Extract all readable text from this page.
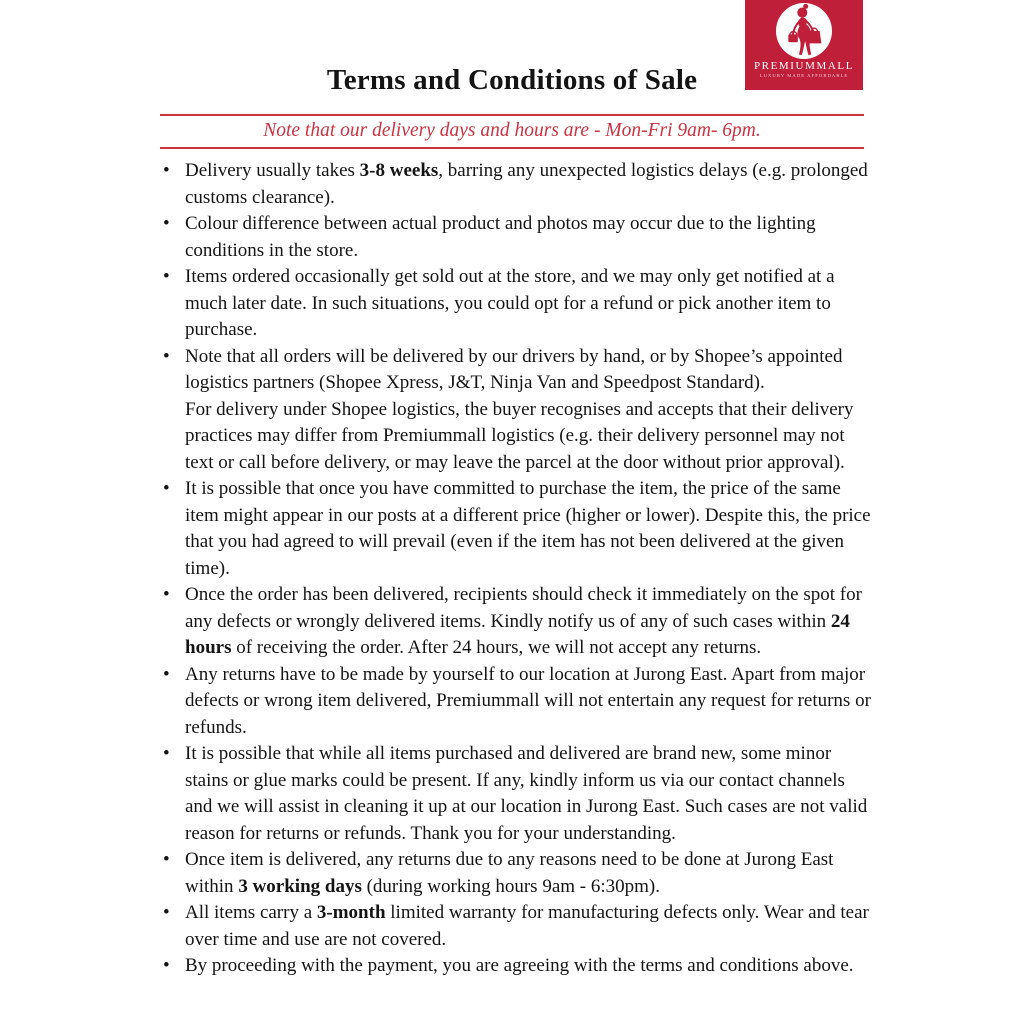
PREMIUMMALL
LUXURY MADE AFFORDABLE
Terms and Conditions of Sale
Note that our delivery days and hours are - Mon-Fri 9am- 6pm.
• Delivery usually takes 3-8 weeks, barring any unexpected logistics delays (e.g. prolonged customs clearance).
• Colour difference between actual product and photos may occur due to the lighting conditions in the store.
• Items ordered occasionally get sold out at the store, and we may only get notified at a much later date. In such situations, you could opt for a refund or pick another item to purchase.
• Note that all orders will be delivered by our drivers by hand, or by Shopee’s appointed logistics partners (Shopee Xpress, J&T, Ninja Van and Speedpost Standard).
For delivery under Shopee logistics, the buyer recognises and accepts that their delivery practices may differ from Premiummall logistics (e.g. their delivery personnel may not text or call before delivery, or may leave the parcel at the door without prior approval).
• It is possible that once you have committed to purchase the item, the price of the same item might appear in our posts at a different price (higher or lower). Despite this, the price that you had agreed to will prevail (even if the item has not been delivered at the given time).
• Once the order has been delivered, recipients should check it immediately on the spot for any defects or wrongly delivered items. Kindly notify us of any of such cases within 24 hours of receiving the order. After 24 hours, we will not accept any returns.
• Any returns have to be made by yourself to our location at Jurong East. Apart from major defects or wrong item delivered, Premiummall will not entertain any request for returns or refunds.
• It is possible that while all items purchased and delivered are brand new, some minor stains or glue marks could be present. If any, kindly inform us via our contact channels and we will assist in cleaning it up at our location in Jurong East. Such cases are not valid reason for returns or refunds. Thank you for your understanding.
• Once item is delivered, any returns due to any reasons need to be done at Jurong East within 3 working days (during working hours 9am - 6:30pm).
• All items carry a 3-month limited warranty for manufacturing defects only. Wear and tear over time and use are not covered.
• By proceeding with the payment, you are agreeing with the terms and conditions above.
